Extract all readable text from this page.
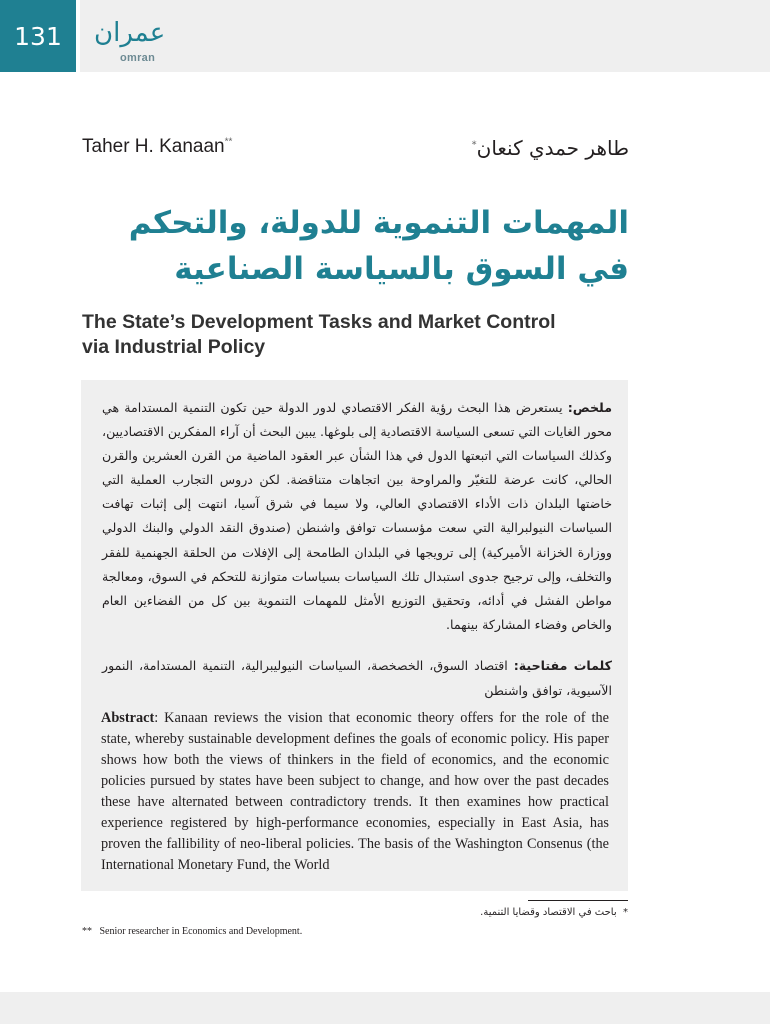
131	عمران
omran
Taher H. Kanaan**	طاهر حمدي كنعان*
المهمات التنموية للدولة، والتحكم
في السوق بالسياسة الصناعية
The State’s Development Tasks and Market Control
via Industrial Policy
ملخص: يستعرض هذا البحث رؤية الفكر الاقتصادي لدور الدولة حين تكون التنمية المستدامة هي محور الغايات التي تسعى السياسة الاقتصادية إلى بلوغها. يبين البحث أن آراء المفكرين الاقتصاديين، وكذلك السياسات التي اتبعتها الدول في هذا الشأن عبر العقود الماضية من القرن العشرين والقرن الحالي، كانت عرضة للتغيّر والمراوحة بين اتجاهات متناقضة. لكن دروس التجارب العملية التي خاضتها البلدان ذات الأداء الاقتصادي العالي، ولا سيما في شرق آسيا، انتهت إلى إثبات تهافت السياسات النيولبرالية التي سعت مؤسسات توافق واشنطن (صندوق النقد الدولي والبنك الدولي ووزارة الخزانة الأميركية) إلى ترويجها في البلدان الطامحة إلى الإفلات من الحلقة الجهنمية للفقر والتخلف، وإلى ترجيح جدوى استبدال تلك السياسات بسياسات متوازنة للتحكم في السوق، ومعالجة مواطن الفشل في أدائه، وتحقيق التوزيع الأمثل للمهمات التنموية بين كل من الفضاءين العام والخاص وفضاء المشاركة بينهما.
كلمات مفتاحية: اقتصاد السوق، الخصخصة، السياسات النيوليبرالية، التنمية المستدامة، النمور الآسيوية، توافق واشنطن
Abstract: Kanaan reviews the vision that economic theory offers for the role of the state, whereby sustainable development defines the goals of economic policy. His paper shows how both the views of thinkers in the field of economics, and the economic policies pursued by states have been subject to change, and how over the past decades these have alternated between contradictory trends. It then examines how practical experience registered by high-performance economies, especially in East Asia, has proven the fallibility of neo-liberal policies. The basis of the Washington Consenus (the International Monetary Fund, the World
*  باحث في الاقتصاد وقضايا التنمية.
** Senior researcher in Economics and Development.
